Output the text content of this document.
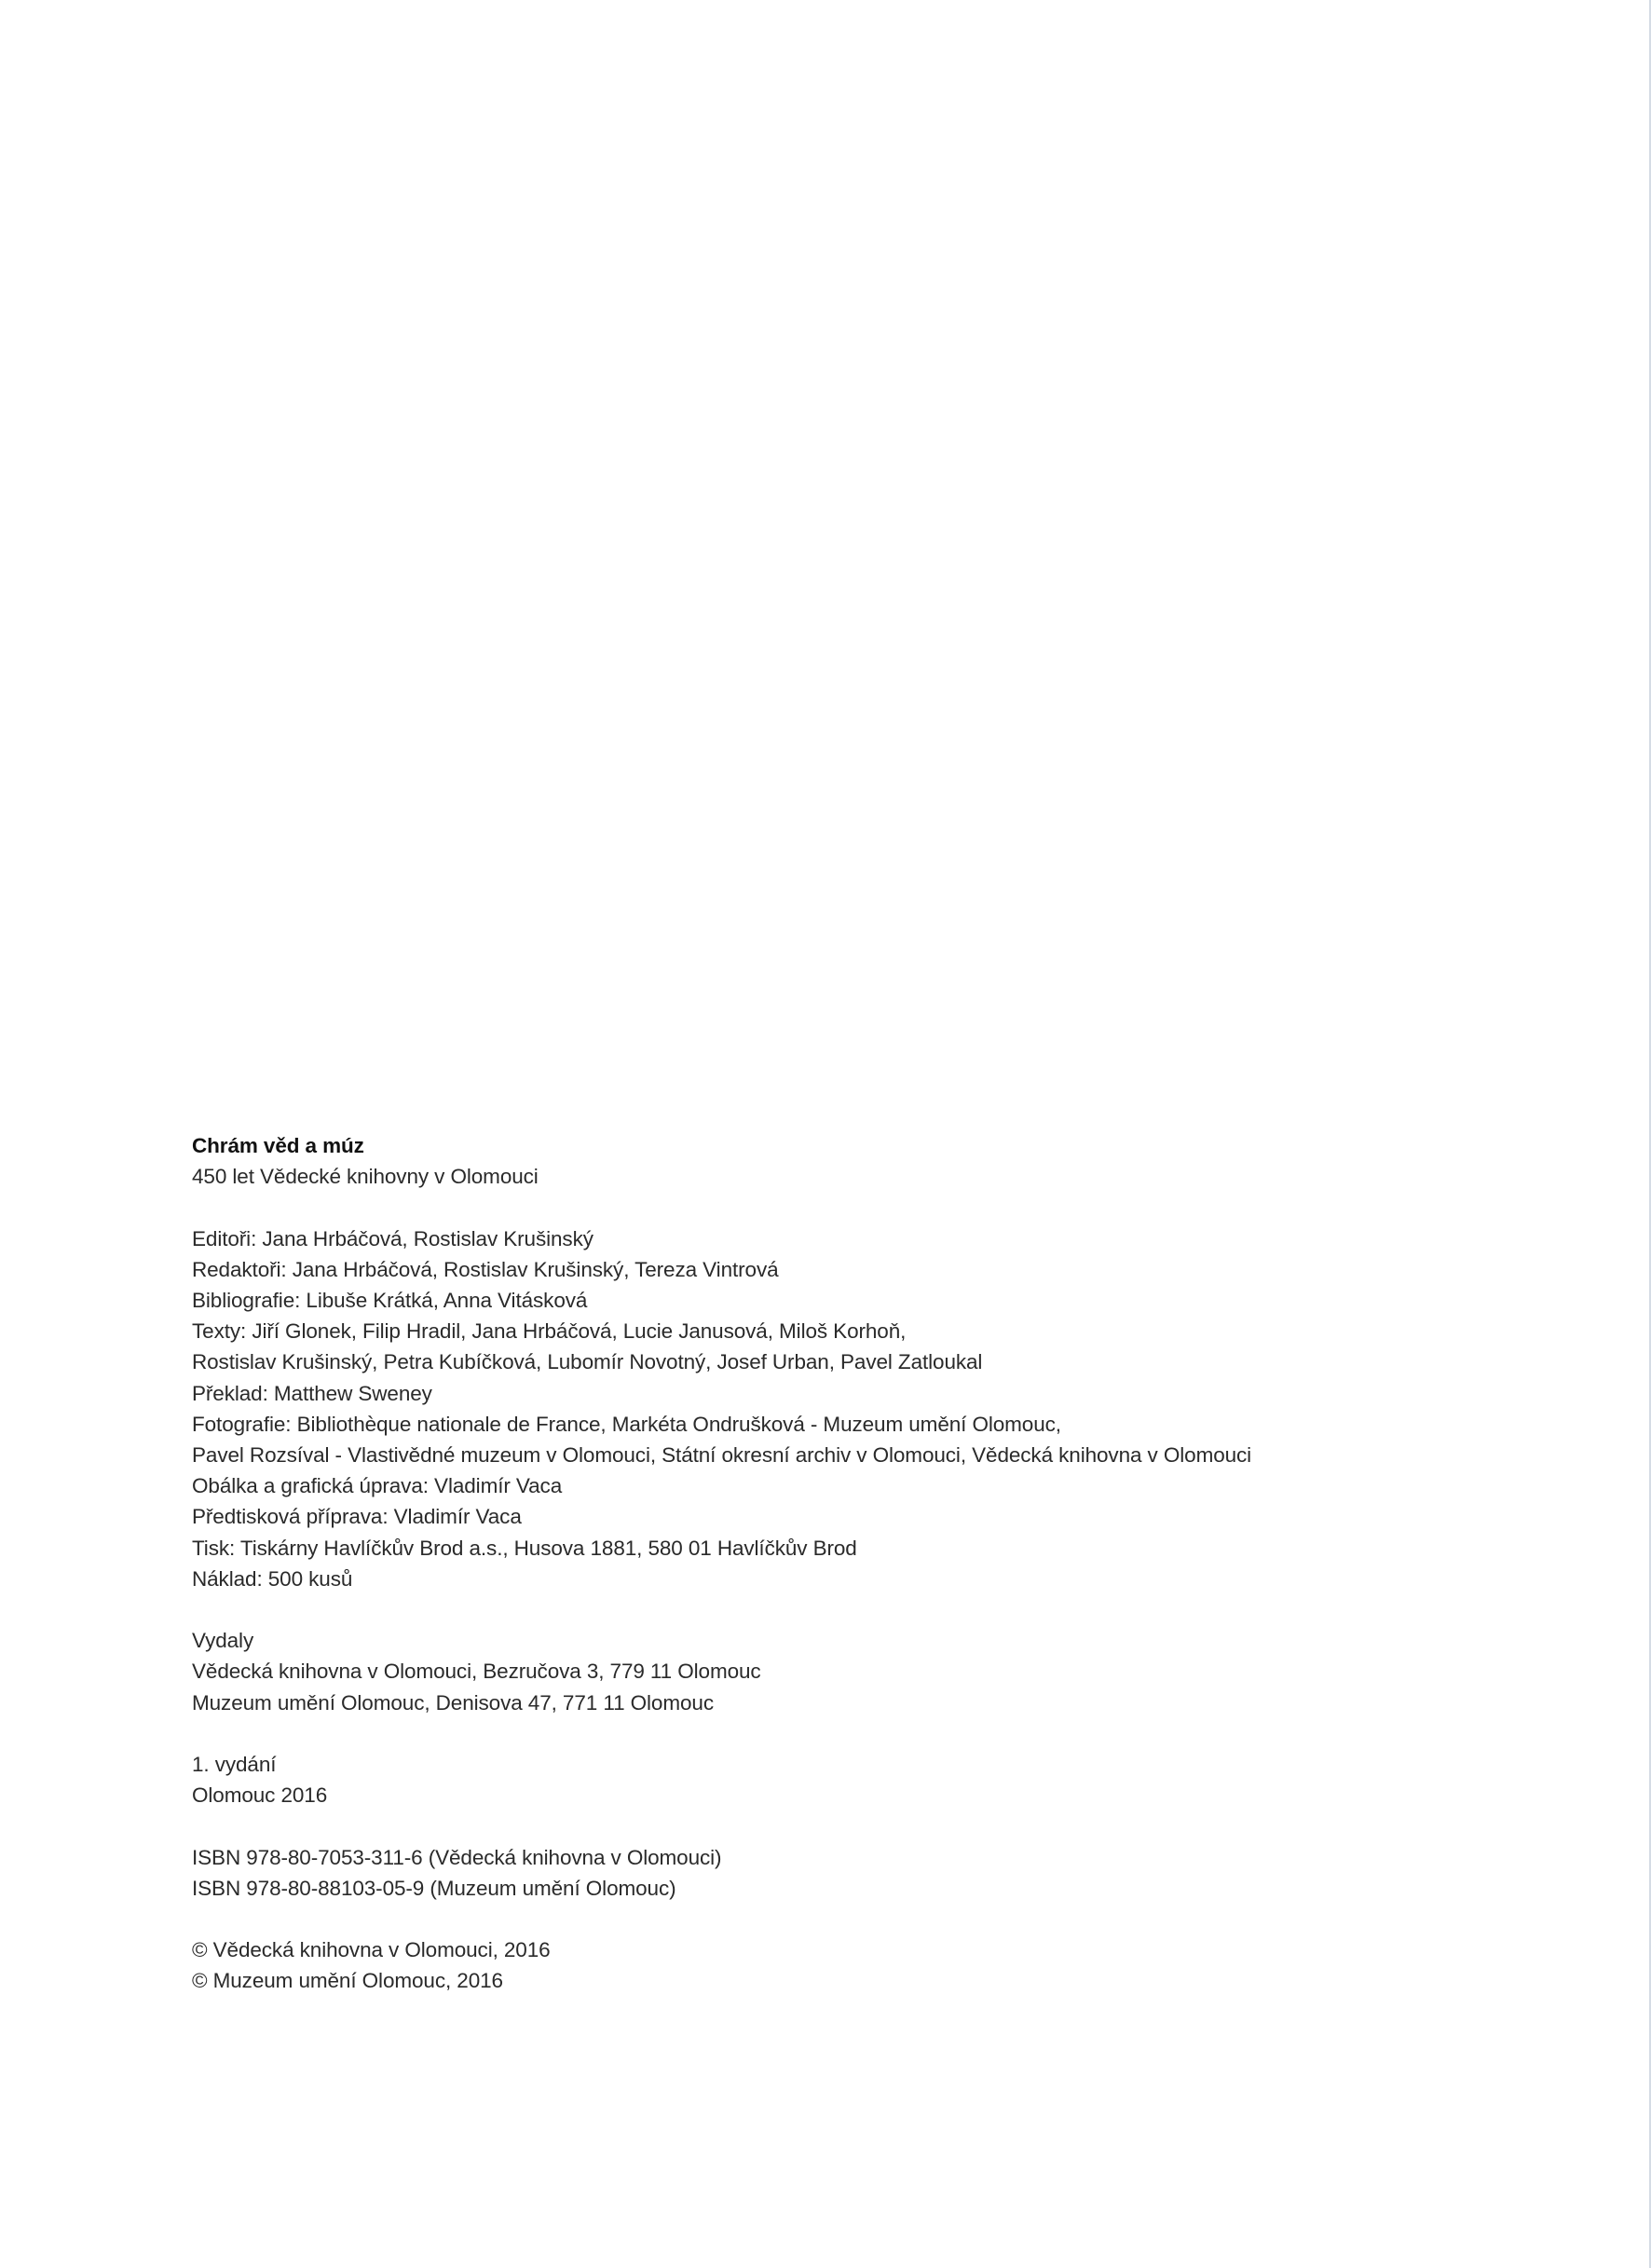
Chrám věd a múz
450 let Vědecké knihovny v Olomouci
Editoři: Jana Hrbáčová, Rostislav Krušinský
Redaktoři: Jana Hrbáčová, Rostislav Krušinský, Tereza Vintrová
Bibliografie: Libuše Krátká, Anna Vitásková
Texty: Jiří Glonek, Filip Hradil, Jana Hrbáčová, Lucie Janusová, Miloš Korhoň,
Rostislav Krušinský, Petra Kubíčková, Lubomír Novotný, Josef Urban, Pavel Zatloukal
Překlad: Matthew Sweney
Fotografie: Bibliothèque nationale de France, Markéta Ondrušková - Muzeum umění Olomouc,
Pavel Rozsíval - Vlastivědné muzeum v Olomouci, Státní okresní archiv v Olomouci, Vědecká knihovna v Olomouci
Obálka a grafická úprava: Vladimír Vaca
Předtisková příprava: Vladimír Vaca
Tisk: Tiskárny Havlíčkův Brod a.s., Husova 1881, 580 01 Havlíčkův Brod
Náklad: 500 kusů
Vydaly
Vědecká knihovna v Olomouci, Bezručova 3, 779 11 Olomouc
Muzeum umění Olomouc, Denisova 47, 771 11 Olomouc
1. vydání
Olomouc 2016
ISBN 978-80-7053-311-6 (Vědecká knihovna v Olomouci)
ISBN 978-80-88103-05-9 (Muzeum umění Olomouc)
© Vědecká knihovna v Olomouci, 2016
© Muzeum umění Olomouc, 2016
